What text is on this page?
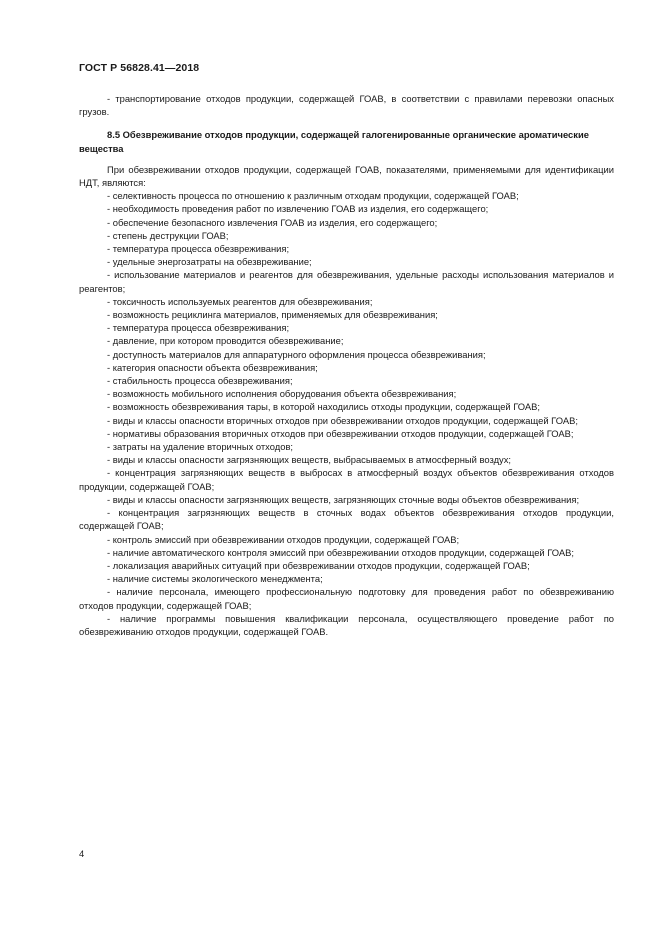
ГОСТ Р 56828.41—2018

- транспортирование отходов продукции, содержащей ГОАВ, в соответствии с правилами перевозки опасных грузов.

8.5 Обезвреживание отходов продукции, содержащей галогенированные органические ароматические вещества

При обезвреживании отходов продукции, содержащей ГОАВ, показателями, применяемыми для идентификации НДТ, являются:

- селективность процесса по отношению к различным отходам продукции, содержащей ГОАВ;

- необходимость проведения работ по извлечению ГОАВ из изделия, его содержащего;

- обеспечение безопасного извлечения ГОАВ из изделия, его содержащего;

- степень деструкции ГОАВ;

- температура процесса обезвреживания;

- удельные энергозатраты на обезвреживание;

- использование материалов и реагентов для обезвреживания, удельные расходы использования материалов и реагентов;

- токсичность используемых реагентов для обезвреживания;

- возможность рециклинга материалов, применяемых для обезвреживания;

- температура процесса обезвреживания;

- давление, при котором проводится обезвреживание;

- доступность материалов для аппаратурного оформления процесса обезвреживания;

- категория опасности объекта обезвреживания;

- стабильность процесса обезвреживания;

- возможность мобильного исполнения оборудования объекта обезвреживания;

- возможность обезвреживания тары, в которой находились отходы продукции, содержащей ГОАВ;

- виды и классы опасности вторичных отходов при обезвреживании отходов продукции, содержащей ГОАВ;

- нормативы образования вторичных отходов при обезвреживании отходов продукции, содержащей ГОАВ;

- затраты на удаление вторичных отходов;

- виды и классы опасности загрязняющих веществ, выбрасываемых в атмосферный воздух;

- концентрация загрязняющих веществ в выбросах в атмосферный воздух объектов обезвреживания отходов продукции, содержащей ГОАВ;

- виды и классы опасности загрязняющих веществ, загрязняющих сточные воды объектов обезвреживания;

- концентрация загрязняющих веществ в сточных водах объектов обезвреживания отходов продукции, содержащей ГОАВ;

- контроль эмиссий при обезвреживании отходов продукции, содержащей ГОАВ;

- наличие автоматического контроля эмиссий при обезвреживании отходов продукции, содержащей ГОАВ;

- локализация аварийных ситуаций при обезвреживании отходов продукции, содержащей ГОАВ;

- наличие системы экологического менеджмента;

- наличие персонала, имеющего профессиональную подготовку для проведения работ по обезвреживанию отходов продукции, содержащей ГОАВ;

- наличие программы повышения квалификации персонала, осуществляющего проведение работ по обезвреживанию отходов продукции, содержащей ГОАВ.

4
